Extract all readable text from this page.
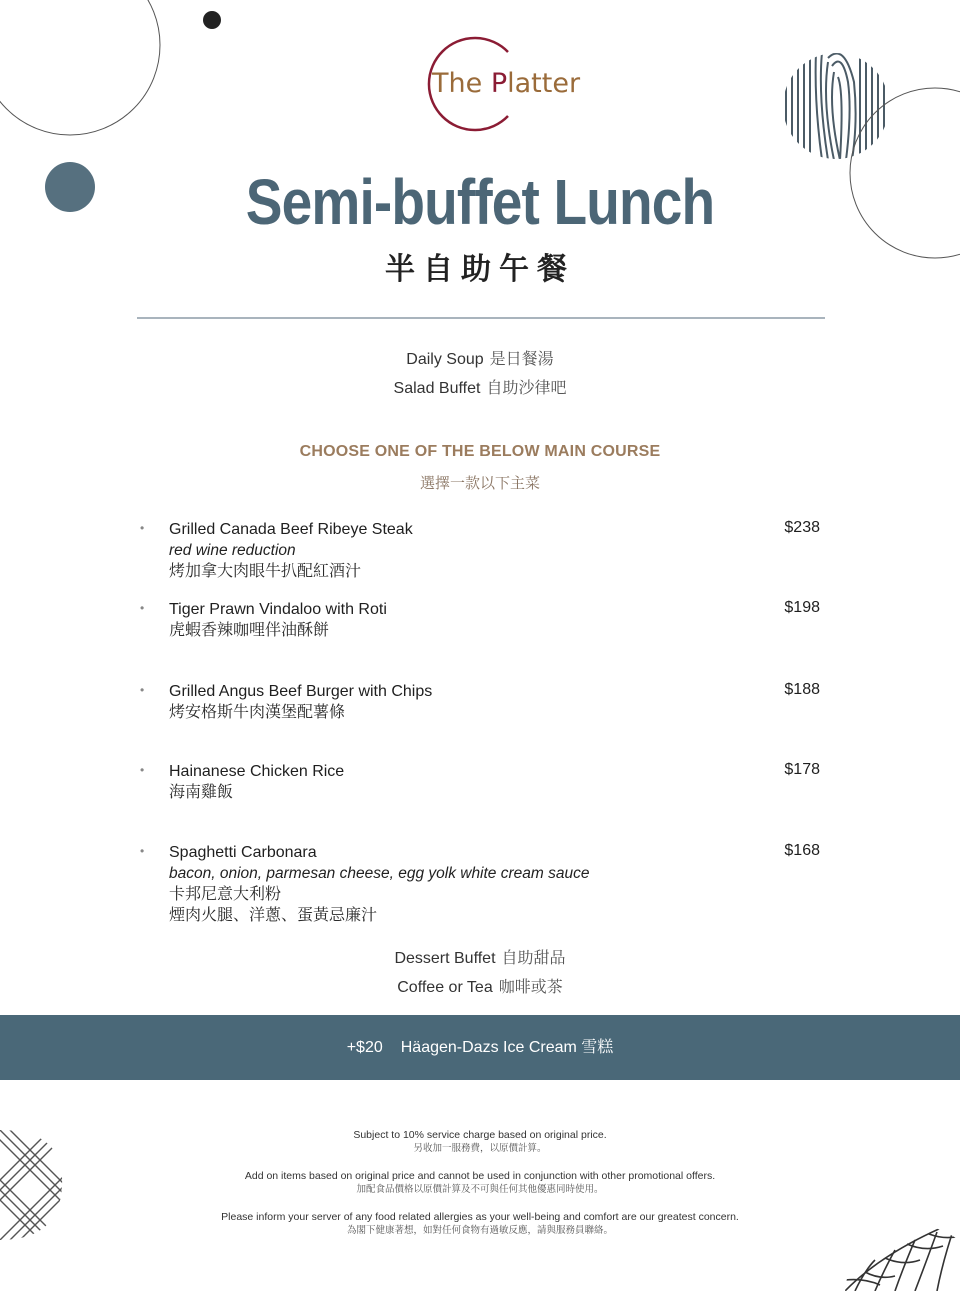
The Platter
Semi-buffet Lunch
半自助午餐
Daily Soup 是日餐湯
Salad Buffet 自助沙律吧
CHOOSE ONE OF THE BELOW MAIN COURSE
選擇一款以下主菜
• Grilled Canada Beef Ribeye Steak
red wine reduction
烤加拿大肉眼牛扒配紅酒汁
$238
• Tiger Prawn Vindaloo with Roti
虎蝦香辣咖哩伴油酥餅
$198
• Grilled Angus Beef Burger with Chips
烤安格斯牛肉漢堡配薯條
$188
• Hainanese Chicken Rice
海南雞飯
$178
• Spaghetti Carbonara
bacon, onion, parmesan cheese, egg yolk white cream sauce
卡邦尼意大利粉
煙肉火腿、洋蔥、蛋黃忌廉汁
$168
Dessert Buffet 自助甜品
Coffee or Tea 咖啡或茶
+$20 Häagen-Dazs Ice Cream 雪糕
Subject to 10% service charge based on original price.
另收加一服務費，以原價計算。
Add on items based on original price and cannot be used in conjunction with other promotional offers.
加配食品價格以原價計算及不可與任何其他優惠同時使用。
Please inform your server of any food related allergies as your well-being and comfort are our greatest concern.
為閣下健康著想，如對任何食物有過敏反應，請與服務員聯絡。
